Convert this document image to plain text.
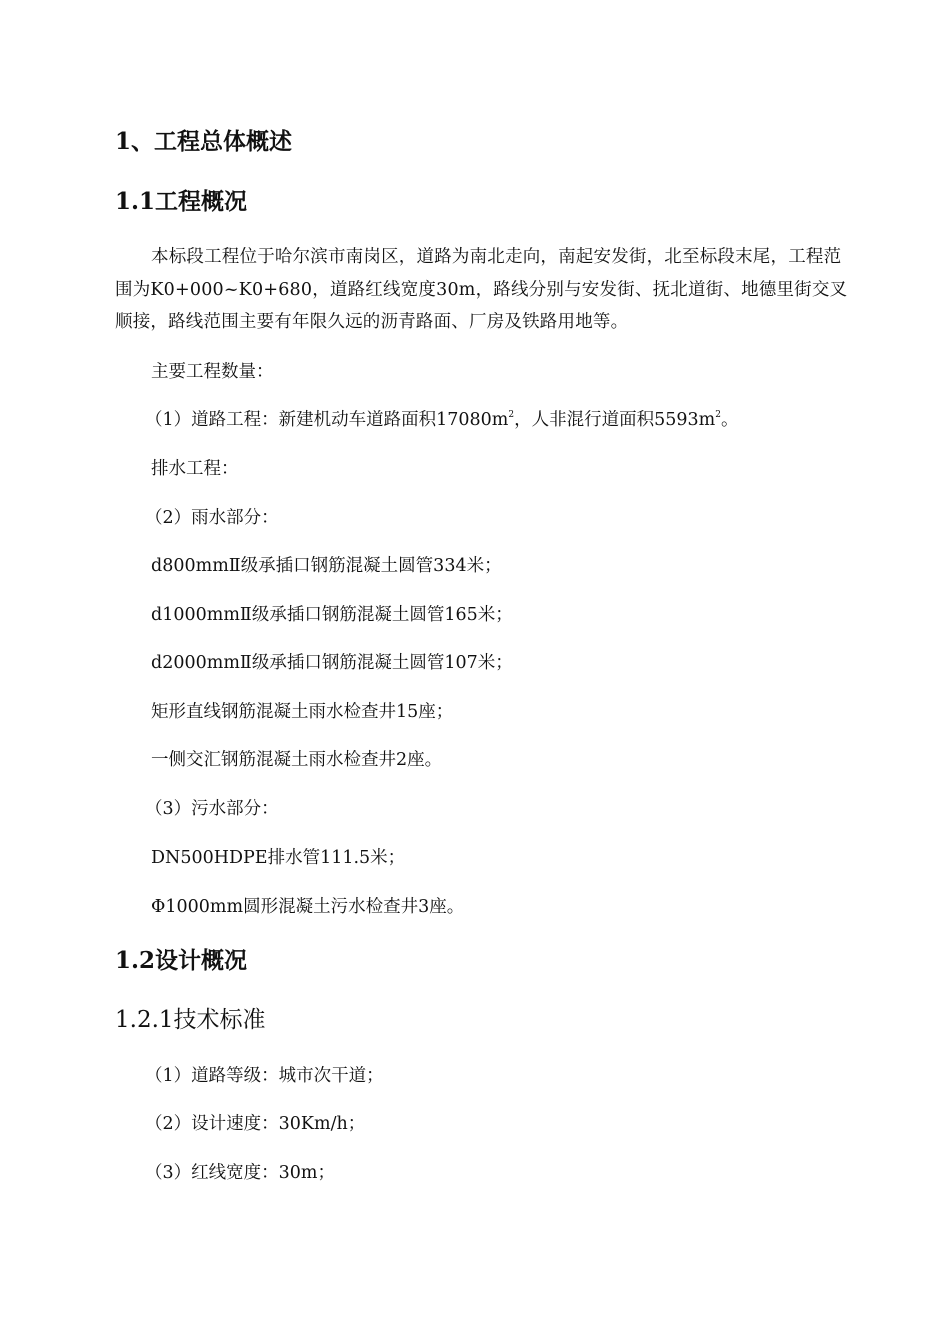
1、工程总体概述
1.1工程概况

本标段工程位于哈尔滨市南岗区，道路为南北走向，南起安发街，北至标段末尾，工程范围为K0+000~K0+680，道路红线宽度30m，路线分别与安发街、抚北道街、地德里街交叉顺接，路线范围主要有年限久远的沥青路面、厂房及铁路用地等。

主要工程数量：
（1）道路工程：新建机动车道路面积$17080m^2$，人非混行道面积$5593m^2$。
排水工程：
（2）雨水部分：
d800mmⅡ级承插口钢筋混凝土圆管334米；
d1000mmⅡ级承插口钢筋混凝土圆管165米；
d2000mmⅡ级承插口钢筋混凝土圆管107米；
矩形直线钢筋混凝土雨水检查井15座；
一侧交汇钢筋混凝土雨水检查井2座。
（3）污水部分：
DN500HDPE排水管111.5米；
Φ1000mm圆形混凝土污水检查井3座。
1.2设计概况
1.2.1技术标准
（1）道路等级：城市次干道；
（2）设计速度：30Km/h；
（3）红线宽度：30m；
